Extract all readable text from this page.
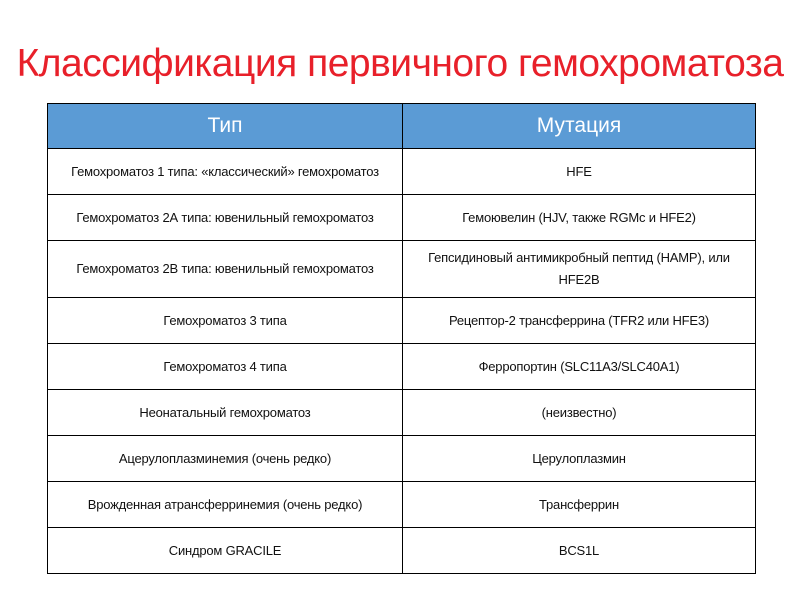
Классификация первичного гемохроматоза
Тип	Мутация
Гемохроматоз 1 типа: «классический» гемохроматоз	HFE
Гемохроматоз 2А типа: ювенильный гемохроматоз	Гемоювелин (HJV, также RGMc и HFE2)
Гемохроматоз 2В типа: ювенильный гемохроматоз	Гепсидиновый антимикробный пептид (HAMP), или HFE2B
Гемохроматоз 3 типа	Рецептор-2 трансферрина (TFR2 или HFE3)
Гемохроматоз 4 типа	Ферропортин (SLC11A3/SLC40A1)
Неонатальный гемохроматоз	(неизвестно)
Ацерулоплазминемия (очень редко)	Церулоплазмин
Врожденная атрансферринемия (очень редко)	Трансферрин
Синдром GRACILE	BCS1L
